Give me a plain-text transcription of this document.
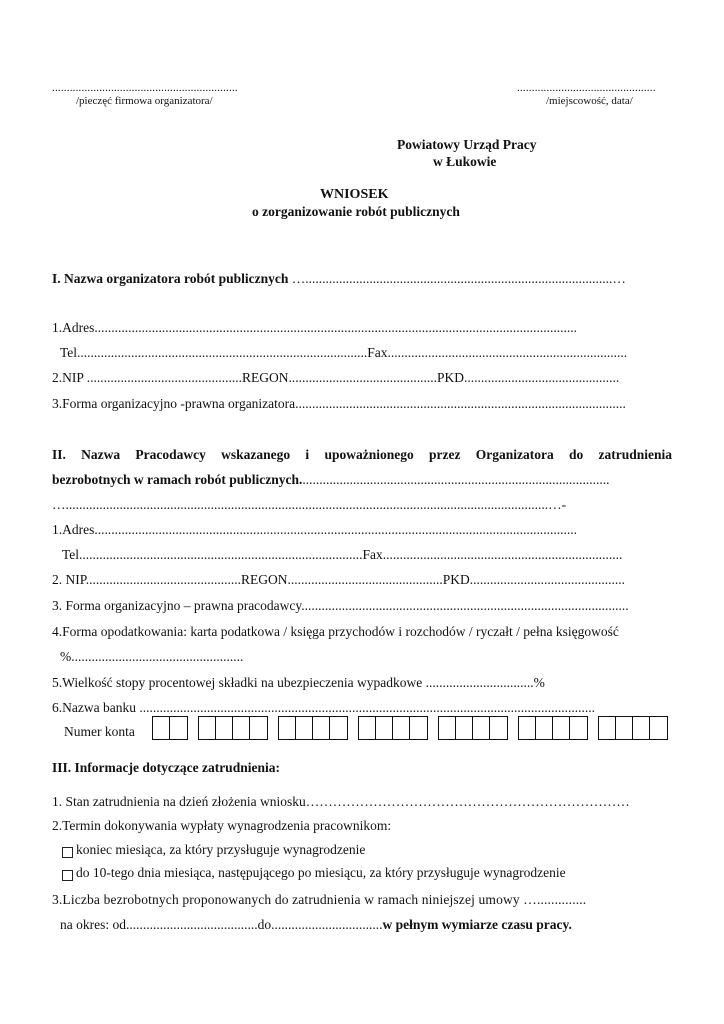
...............................................................
/pieczęć firmowa organizatora/
...............................................
/miejscowość, data/
Powiatowy Urząd Pracy
w Łukowie
WNIOSEK
o zorganizowanie robót publicznych
I. Nazwa organizatora robót publicznych …...........................................................................................…
1.Adres...............................................................................................................................................
Tel......................................................................................Fax.......................................................................
2.NIP ..............................................REGON............................................PKD..............................................
3.Forma organizacyjno -prawna organizatora..................................................................................................
II. Nazwa Pracodawcy wskazanego i upoważnionego przez Organizatora do zatrudnienia
bezrobotnych w ramach robót publicznych............................................................................................
…...............................................................................................................................................…-
1.Adres...............................................................................................................................................
Tel....................................................................................Fax.......................................................................
2. NIP..............................................REGON..............................................PKD..............................................
3. Forma organizacyjno – prawna pracodawcy.................................................................................................
4.Forma opodatkowania: karta podatkowa / księga przychodów i rozchodów / ryczałt / pełna księgowość
%...................................................
5.Wielkość stopy procentowej składki na ubezpieczenia wypadkowe ................................%
6.Nazwa banku .......................................................................................................................................
Numer konta
III. Informacje dotyczące zatrudnienia:
1. Stan zatrudnienia na dzień złożenia wniosku………………………………………………………………
2.Termin dokonywania wypłaty wynagrodzenia pracownikom:
koniec miesiąca, za który przysługuje wynagrodzenie
do 10-tego dnia miesiąca, następującego po miesiącu, za który przysługuje wynagrodzenie
3.Liczba bezrobotnych proponowanych do zatrudnienia w ramach niniejszej umowy …..............
na okres: od.......................................do.................................w pełnym wymiarze czasu pracy.
